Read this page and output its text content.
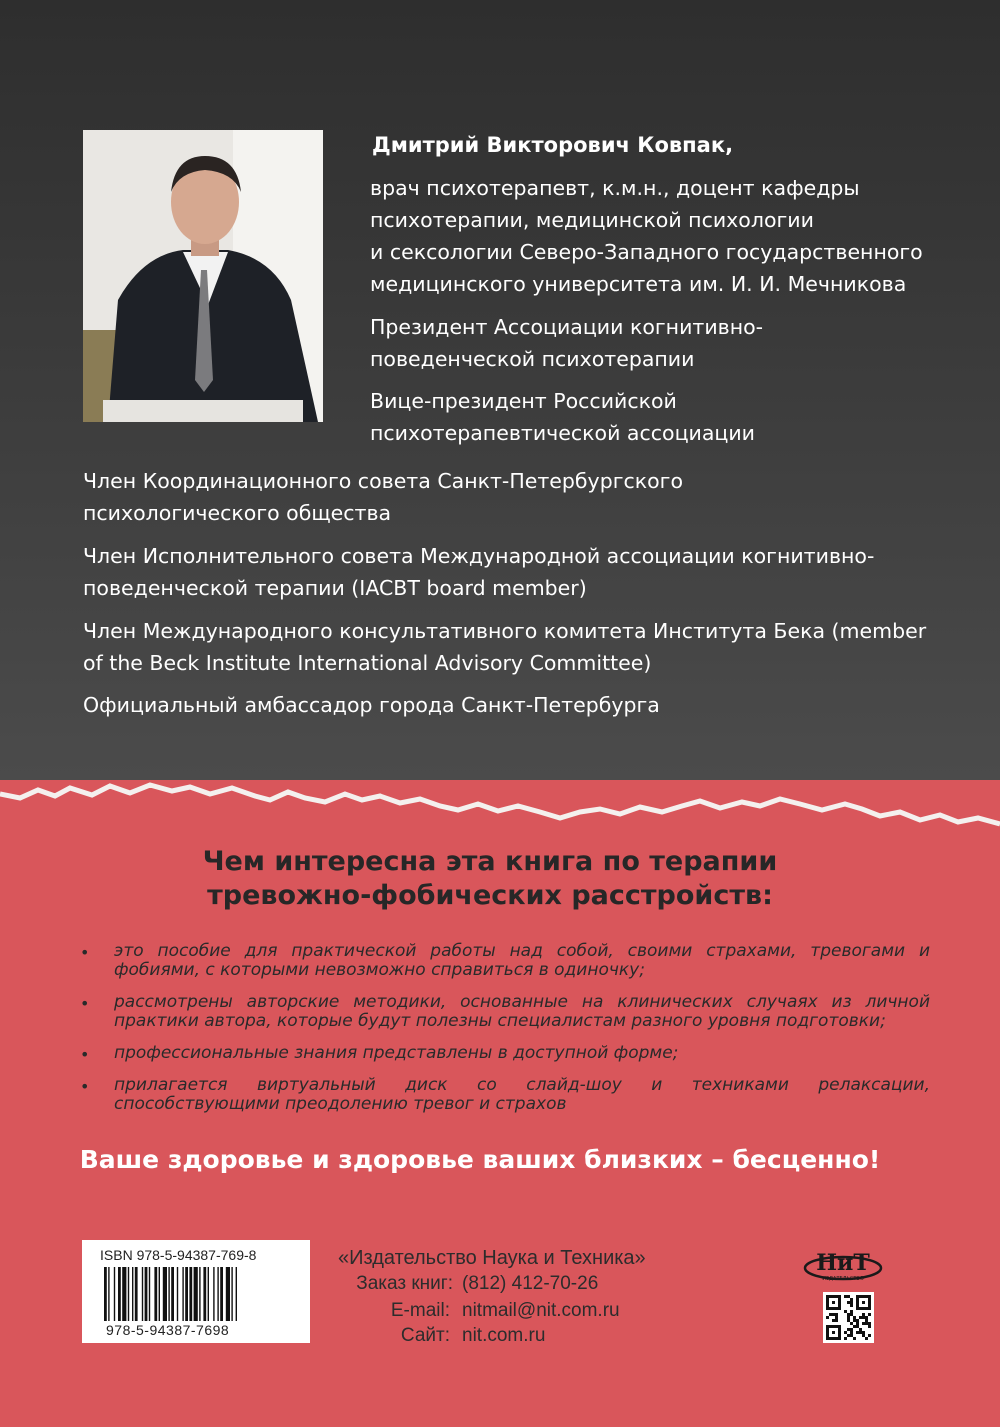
Дмитрий Викторович Ковпак,

врач психотерапевт, к.м.н., доцент кафедры
психотерапии, медицинской психологии
и сексологии Северо-Западного государственного
медицинского университета им. И. И. Мечникова

Президент Ассоциации когнитивно-
поведенческой психотерапии

Вице-президент Российской
психотерапевтической ассоциации

Член Координационного совета Санкт-Петербургского
психологического общества

Член Исполнительного совета Международной ассоциации когнитивно-
поведенческой терапии (IACBT board member)

Член Международного консультативного комитета Института Бека (member
of the Beck Institute International Advisory Committee)

Официальный амбассадор города Санкт-Петербурга

Чем интересна эта книга по терапии
тревожно-фобических расстройств:
• это пособие для практической работы над собой, своими страхами, тревогами и фобиями, с которыми невозможно справиться в одиночку;
• рассмотрены авторские методики, основанные на клинических случаях из личной практики автора, которые будут полезны специалистам разного уровня подготовки;
• профессиональные знания представлены в доступной форме;
• прилагается виртуальный диск со слайд-шоу и техниками релаксации, способствующими преодолению тревог и страхов
Ваше здоровье и здоровье ваших близких – бесценно!
ISBN 978-5-94387-769-8
978-5-94387-7698
«Издательство Наука и Техника»
Заказ книг: (812) 412-70-26
E-mail: nitmail@nit.com.ru
Сайт: nit.com.ru
НиТ
ИЗДАТЕЛЬСТВО
